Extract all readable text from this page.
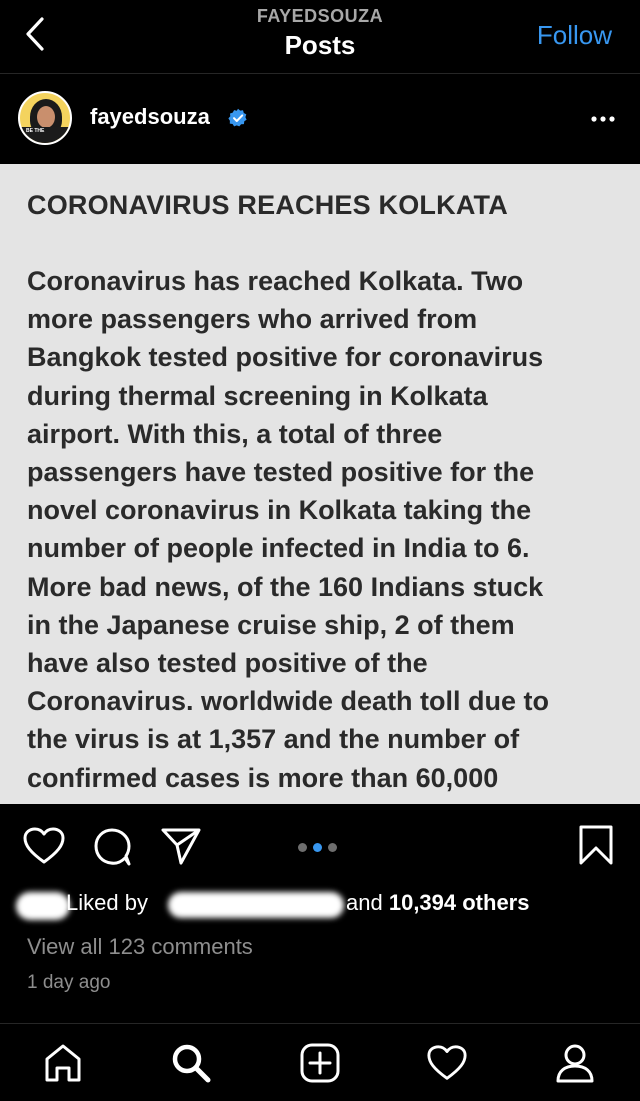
FAYEDSOUZA
Posts	Follow
BE THE
fayedsouza
CORONAVIRUS REACHES KOLKATA
Coronavirus has reached Kolkata. Two
more passengers who arrived from
Bangkok tested positive for coronavirus
during thermal screening in Kolkata
airport. With this, a total of three
passengers have tested positive for the
novel coronavirus in Kolkata taking the
number of people infected in India to 6.
More bad news, of the 160 Indians stuck
in the Japanese cruise ship, 2 of them
have also tested positive of the
Coronavirus. worldwide death toll due to
the virus is at 1,357 and the number of
confirmed cases is more than 60,000
Liked by	and 10,394 others
View all 123 comments
1 day ago
